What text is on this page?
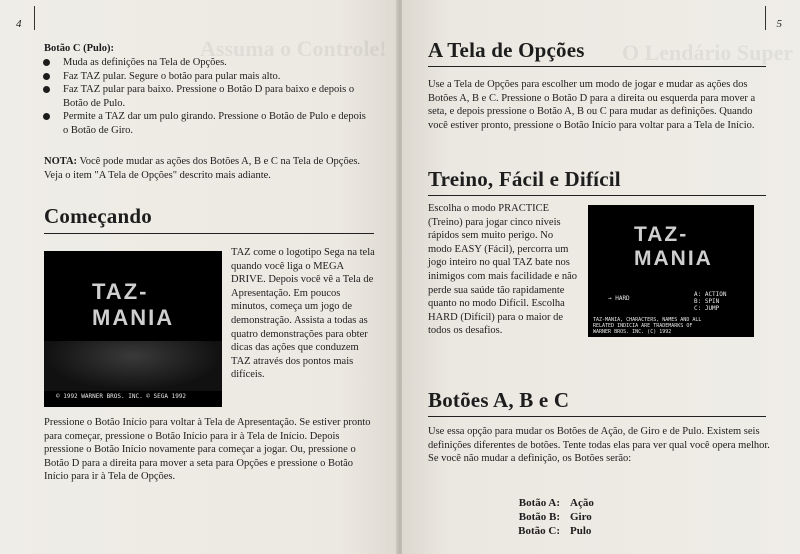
4
Assuma o Controle!
Botão C (Pulo):
Muda as definições na Tela de Opções.
Faz TAZ pular. Segure o botão para pular mais alto.
Faz TAZ pular para baixo. Pressione o Botão D para baixo e depois o Botão de Pulo.
Permite a TAZ dar um pulo girando. Pressione o Botão de Pulo e depois o Botão de Giro.
NOTA: Você pode mudar as ações dos Botões A, B e C na Tela de Opções. Veja o item "A Tela de Opções" descrito mais adiante.
Começando
TAZ-MANIA
© 1992 WARNER BROS. INC. © SEGA 1992
TAZ come o logotipo Sega na tela quando você liga o MEGA DRIVE. Depois você vê a Tela de Apresentação. Em poucos minutos, começa um jogo de demonstração. Assista a todas as quatro demonstrações para obter dicas das ações que conduzem TAZ através dos pontos mais difíceis.
Pressione o Botão Início para voltar à Tela de Apresentação. Se estiver pronto para começar, pressione o Botão Início para ir à Tela de Início. Depois pressione o Botão Início novamente para começar a jogar. Ou, pressione o Botão D para a direita para mover a seta para Opções e pressione o Botão Início para ir à Tela de Opções.
5
O Lendário Super
A Tela de Opções
Use a Tela de Opções para escolher um modo de jogar e mudar as ações dos Botões A, B e C. Pressione o Botão D para a direita ou esquerda para mover a seta, e depois pressione o Botão A, B ou C para mudar as definições. Quando você estiver pronto, pressione o Botão Início para voltar para a Tela de Início.
Treino, Fácil e Difícil
Escolha o modo PRACTICE (Treino) para jogar cinco níveis rápidos sem muito perigo. No modo EASY (Fácil), percorra um jogo inteiro no qual TAZ bate nos inimigos com mais facilidade e não perde sua saúde tão rapidamente quanto no modo Difícil. Escolha HARD (Difícil) para o maior de todos os desafios.
TAZ-MANIA
→ HARD
A: ACTION
B: SPIN
C: JUMP
TAZ-MANIA, CHARACTERS, NAMES AND ALL
RELATED INDICIA ARE TRADEMARKS OF
WARNER BROS. INC. (C) 1992
Botões A, B e C
Use essa opção para mudar os Botões de Ação, de Giro e de Pulo. Existem seis definições diferentes de botões. Tente todas elas para ver qual você opera melhor. Se você não mudar a definição, os Botões serão:
Botão A: Ação
Botão B: Giro
Botão C: Pulo
